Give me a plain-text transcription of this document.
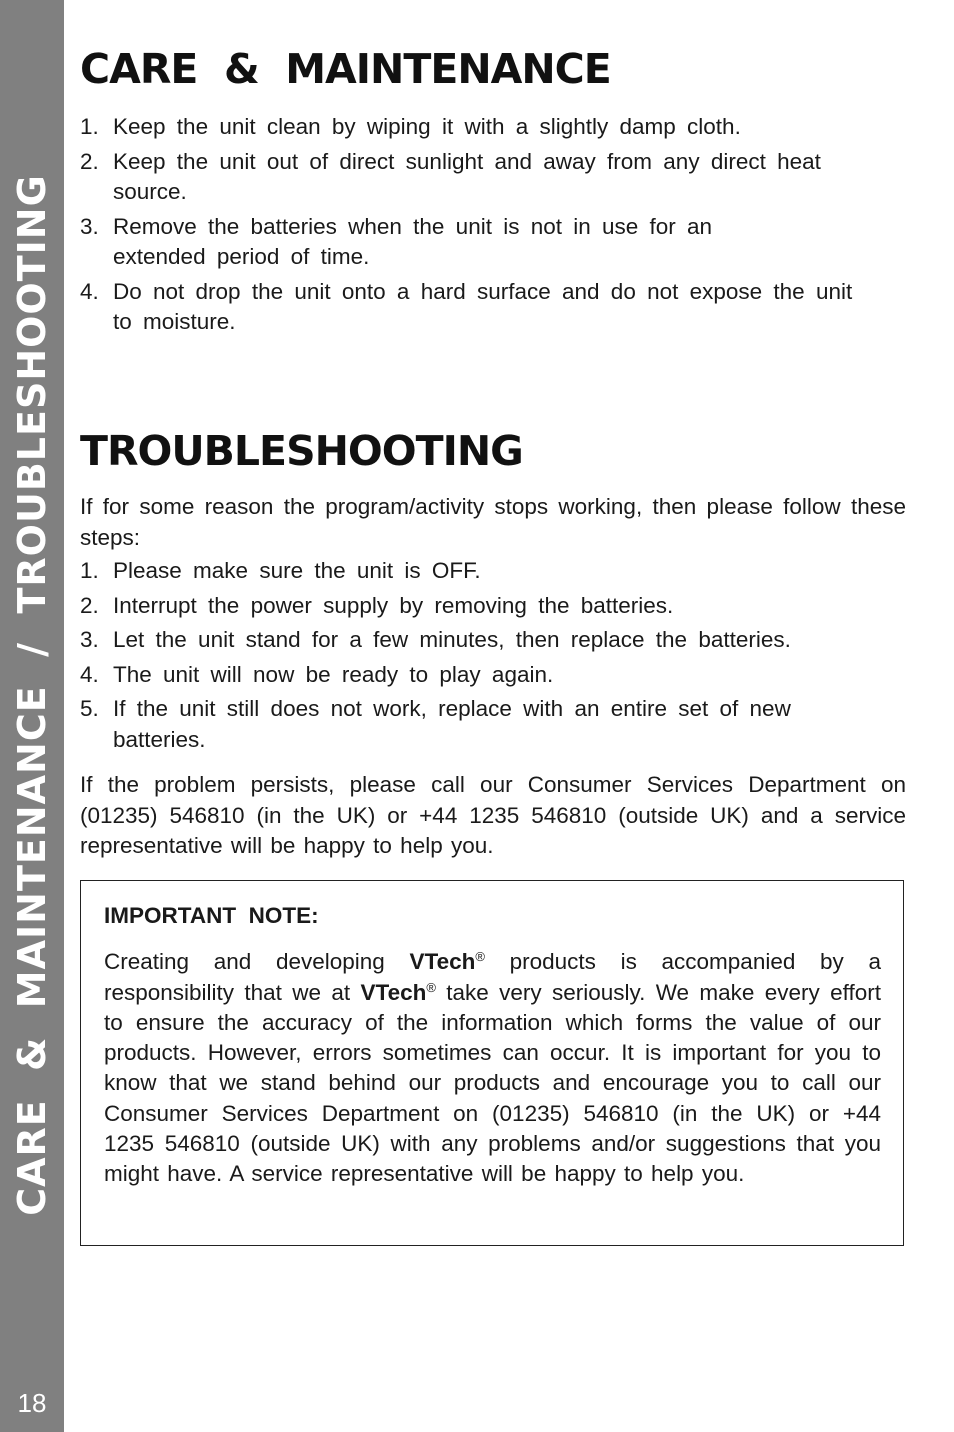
CARE  &  MAINTENANCE  /  TROUBLESHOOTING
18
CARE  &  MAINTENANCE
1. Keep the unit clean by wiping it with a slightly damp cloth.
2. Keep the unit out of direct sunlight and away from any direct heat source.
3. Remove the batteries when the unit is not in use for an extended period of time.
4. Do not drop the unit onto a hard surface and do not expose the unit to moisture.
TROUBLESHOOTING

If for some reason the program/activity stops working, then please follow these steps:

1. Please make sure the unit is OFF.
2. Interrupt the power supply by removing the batteries.
3. Let the unit stand for a few minutes, then replace the batteries.
4. The unit will now be ready to play again.
5. If the unit still does not work, replace with an entire set of new batteries.

If the problem persists, please call our Consumer Services Department on (01235) 546810 (in the UK) or +44 1235 546810 (outside UK) and a service representative will be happy to help you.

IMPORTANT  NOTE:

Creating and developing VTech® products is accompanied by a responsibility that we at VTech® take very seriously. We make every effort to ensure the accuracy of the information which forms the value of our products. However, errors sometimes can occur. It is important for you to know that we stand behind our products and encourage you to call our Consumer Services Department on (01235) 546810 (in the UK) or +44 1235 546810 (outside UK) with any problems and/or suggestions that you might have. A service representative will be happy to help you.
